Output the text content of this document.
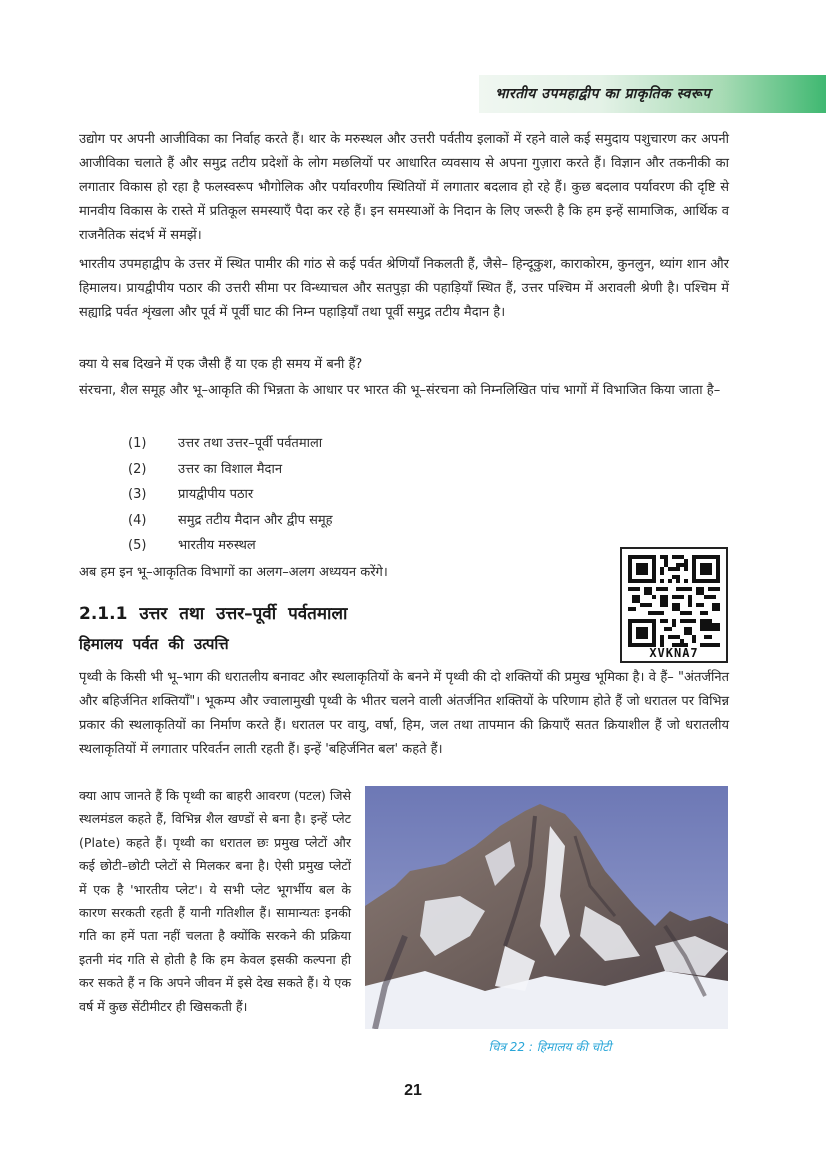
भारतीय उपमहाद्वीप का प्राकृतिक स्वरूप

उद्योग पर अपनी आजीविका का निर्वाह करते हैं। थार के मरुस्थल और उत्तरी पर्वतीय इलाकों में रहने वाले कई समुदाय पशुचारण कर अपनी आजीविका चलाते हैं और समुद्र तटीय प्रदेशों के लोग मछलियों पर आधारित व्यवसाय से अपना गुज़ारा करते हैं। विज्ञान और तकनीकी का लगातार विकास हो रहा है फलस्वरूप भौगोलिक और पर्यावरणीय स्थितियों में लगातार बदलाव हो रहे हैं। कुछ बदलाव पर्यावरण की दृष्टि से मानवीय विकास के रास्ते में प्रतिकूल समस्याएँ पैदा कर रहे हैं। इन समस्याओं के निदान के लिए जरूरी है कि हम इन्हें सामाजिक, आर्थिक व राजनैतिक संदर्भ में समझें।

भारतीय उपमहाद्वीप के उत्तर में स्थित पामीर की गांठ से कई पर्वत श्रेणियाँ निकलती हैं, जैसे– हिन्दूकुश, काराकोरम, कुनलुन, थ्यांग शान और हिमालय। प्रायद्वीपीय पठार की उत्तरी सीमा पर विन्ध्याचल और सतपुड़ा की पहाड़ियाँ स्थित हैं, उत्तर पश्चिम में अरावली श्रेणी है। पश्चिम में सह्याद्रि पर्वत शृंखला और पूर्व में पूर्वी घाट की निम्न पहाड़ियाँ तथा पूर्वी समुद्र तटीय मैदान है।

क्या ये सब दिखने में एक जैसी हैं या एक ही समय में बनी हैं?

संरचना, शैल समूह और भू–आकृति की भिन्नता के आधार पर भारत की भू–संरचना को निम्नलिखित पांच भागों में विभाजित किया जाता है–

(1)	उत्तर तथा उत्तर–पूर्वी पर्वतमाला
(2)	उत्तर का विशाल मैदान
(3)	प्रायद्वीपीय पठार
(4)	समुद्र तटीय मैदान और द्वीप समूह
(5)	भारतीय मरुस्थल

अब हम इन भू–आकृतिक विभागों का अलग–अलग अध्ययन करेंगे।

XVKNA7
2.1.1 उत्तर तथा उत्तर–पूर्वी पर्वतमाला
हिमालय पर्वत की उत्पत्ति

पृथ्वी के किसी भी भू–भाग की धरातलीय बनावट और स्थलाकृतियों के बनने में पृथ्वी की दो शक्तियों की प्रमुख भूमिका है। वे हैं– "अंतर्जनित और बहिर्जनित शक्तियाँ"। भूकम्प और ज्वालामुखी पृथ्वी के भीतर चलने वाली अंतर्जनित शक्तियों के परिणाम होते हैं जो धरातल पर विभिन्न प्रकार की स्थलाकृतियों का निर्माण करते हैं। धरातल पर वायु, वर्षा, हिम, जल तथा तापमान की क्रियाएँ सतत क्रियाशील हैं जो धरातलीय स्थलाकृतियों में लगातार परिवर्तन लाती रहती हैं। इन्हें 'बहिर्जनित बल' कहते हैं।

क्या आप जानते हैं कि पृथ्वी का बाहरी आवरण (पटल) जिसे स्थलमंडल कहते हैं, विभिन्न शैल खण्डों से बना है। इन्हें प्लेट (Plate) कहते हैं। पृथ्वी का धरातल छः प्रमुख प्लेटों और कई छोटी–छोटी प्लेटों से मिलकर बना है। ऐसी प्रमुख प्लेटों में एक है 'भारतीय प्लेट'। ये सभी प्लेट भूगर्भीय बल के कारण सरकती रहती हैं यानी गतिशील हैं। सामान्यतः इनकी गति का हमें पता नहीं चलता है क्योंकि सरकने की प्रक्रिया इतनी मंद गति से होती है कि हम केवल इसकी कल्पना ही कर सकते हैं न कि अपने जीवन में इसे देख सकते हैं। ये एक वर्ष में कुछ सेंटीमीटर ही खिसकती हैं।

चित्र 22 : हिमालय की चोटी
21
